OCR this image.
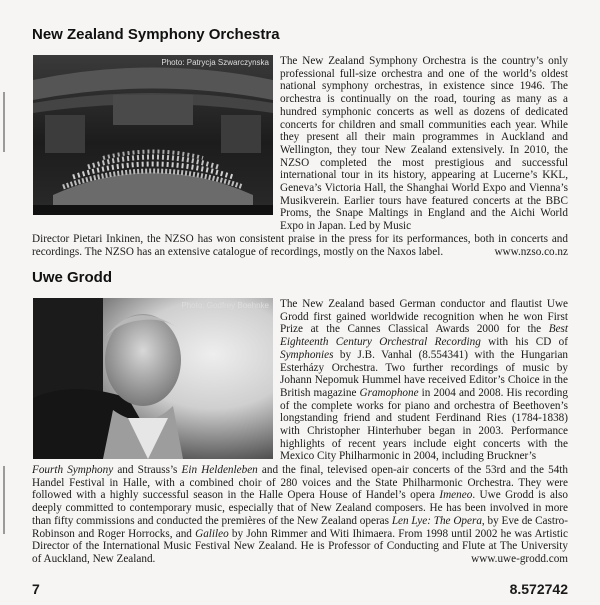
New Zealand Symphony Orchestra
Photo: Patrycja Szwarczynska The New Zealand Symphony Orchestra is the country’s only professional full-size orchestra and one of the world’s oldest national symphony orchestras, in existence since 1946. The orchestra is continually on the road, touring as many as a hundred symphonic concerts as well as dozens of dedicated concerts for children and small communities each year. While they present all their main programmes in Auckland and Wellington, they tour New Zealand extensively. In 2010, the NZSO completed the most prestigious and successful international tour in its history, appearing at Lucerne’s KKL, Geneva’s Victoria Hall, the Shanghai World Expo and Vienna’s Musikverein. Earlier tours have featured concerts at the BBC Proms, the Snape Maltings in England and the Aichi World Expo in Japan. Led by Music

Director Pietari Inkinen, the NZSO has won consistent praise in the press for its performances, both in concerts and recordings. The NZSO has an extensive catalogue of recordings, mostly on the Naxos label.	www.nzso.co.nz

Uwe Grodd
Photo: Godfrey Boehnke The New Zealand based German conductor and flautist Uwe Grodd first gained worldwide recognition when he won First Prize at the Cannes Classical Awards 2000 for the Best Eighteenth Century Orchestral Recording with his CD of Symphonies by J.B. Vanhal (8.554341) with the Hungarian Esterházy Orchestra. Two further recordings of music by Johann Nepomuk Hummel have received Editor’s Choice in the British magazine Gramophone in 2004 and 2008. His recording of the complete works for piano and orchestra of Beethoven’s longstanding friend and student Ferdinand Ries (1784-1838) with Christopher Hinterhuber began in 2003. Performance highlights of recent years include eight concerts with the Mexico City Philharmonic in 2004, including Bruckner’s

Fourth Symphony and Strauss’s Ein Heldenleben and the final, televised open-air concerts of the 53rd and the 54th Handel Festival in Halle, with a combined choir of 280 voices and the State Philharmonic Orchestra. They were followed with a highly successful season in the Halle Opera House of Handel’s opera Imeneo. Uwe Grodd is also deeply committed to contemporary music, especially that of New Zealand composers. He has been involved in more than fifty commissions and conducted the premières of the New Zealand operas Len Lye: The Opera, by Eve de Castro-Robinson and Roger Horrocks, and Galileo by John Rimmer and Witi Ihimaera. From 1998 until 2002 he was Artistic Director of the International Music Festival New Zealand. He is Professor of Conducting and Flute at The University of Auckland, New Zealand.	www.uwe-grodd.com

7	8.572742
